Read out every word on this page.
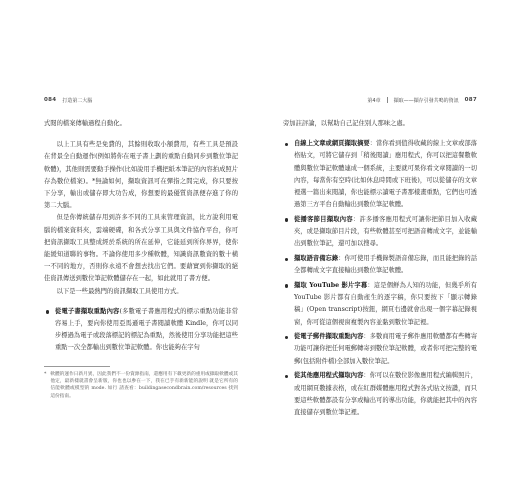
084 打造第二大腦

式閱的檔案傳輸過程自動化。

以上工具有些是免費的，其餘則收取小額費用，有些工具是預設在背景全自動運作(例如將你在電子書上劃的重點自動同步到數位筆記軟體)，其他則需要動手操作(比如說用手機把紙本筆記的內容拍成照片存為數位檔案)。*無論如何，擷取資訊可在彈指之間完成，你只要按下分享，輸出或儲存即大功告成，你想要的最優質資訊便存進了你的第二大腦。

但是你傳統儲存用到許多不同的工具來管理資訊，比方說利用電腦的檔案資料夾，雲端硬碟，和各式分享工具與文件協作平台，你可把資訊擷取工具整成經於系統的所在延伸，它能延到所你界界，使你能緩知道聯的事物。不論你使用多少種軟體，知識資訊數資的數十橫一不同的地方，否則你永遠不會想去找出它們。要藉實到你擷取的絕佳資訊傳送到數位筆記軟體儲存在一起，如此就用了書方便。

以下是一些最熱門的資訊擷取工具使用方式。

從電子書擷取重點內容(多數電子書應用程式的標示重點功能非常容易上手，要向你使用亞馬遜電子書閱讀軟體 Kindle，你可以同步標過為電子或段落標記的標記為重點，然後使用分享功能把這些重點一次全都輸出到數位筆記軟體。你也能夠在字句
* 軟體的運作日新月異，因此我們不一份資源指南，還應用有下載更新的重用或擷取軟體或其他定，最新樣就書會呈新版，你也也以參在一下，我在已手有新新能的說明 就是它所有的信能軟體或模型的 mode. 如行 請查看：buildingasecondbrain.com/resources 找到這份指南。
第4章	擷取——擷存引發共鳴的資訊 087

旁加註評論，以幫助自己記住別人那味之處。

自線上文章或網頁擷取摘要：當你看到值得收藏的線上文章或部落格貼文，可將它儲存到「稍後閱讀」應用程式，你可以把這餐數軟體與數位筆記軟體連成一個系統，主要就可果你看文章閱讀的一切內容，每當你有空時(比如休息時間或下班後)，可以從儲存的文章裡選一篇出來閱讀，你也能標示讀電子書那樣畫重點，它們也可透過第三方平台自動輸出到數位筆記軟體。
從播客節目擷取內容：許多播客應用程式可讓你把節目加入收藏夾，或是擷取節目片段，有些軟體甚至可把語音轉成文字，並能輸出到數位筆記，還可加以搜尋。
擷取語音備忘錄：你可使用手機錄製語音備忘錄，而且能把錄的話全都轉成文字直接輸出到數位筆記軟體。
擷取 YouTube 影片字幕：這是個鮮為人知的功能，但幾乎所有 YouTube 影片都有自動產生的逐字稿，你只要按下「顯示轉錄稿」(Open transcript)按鈕，網頁右邊就會出現一個字幕記錄視窗，你可從這個視窗複製內容並黏到數位筆記裡。
從電子郵件擷取重點內容：多數商用電子郵件應用軟體都有些轉寄功能可讓你把任何電郵轉寄到數位筆記軟體，或者你可把完整的電郵(包括附件檔)全部加入數位筆記。
從其他應用程式擷取內容：你可以在數位影像應用程式編輯照片，或用網頁數據表格，或在紅群媒體應用程式對各式貼文按讚，而只要這些軟體都設有分享或輸出可的導出功能，你就能把其中的內容直接儲存到數位筆記裡。
